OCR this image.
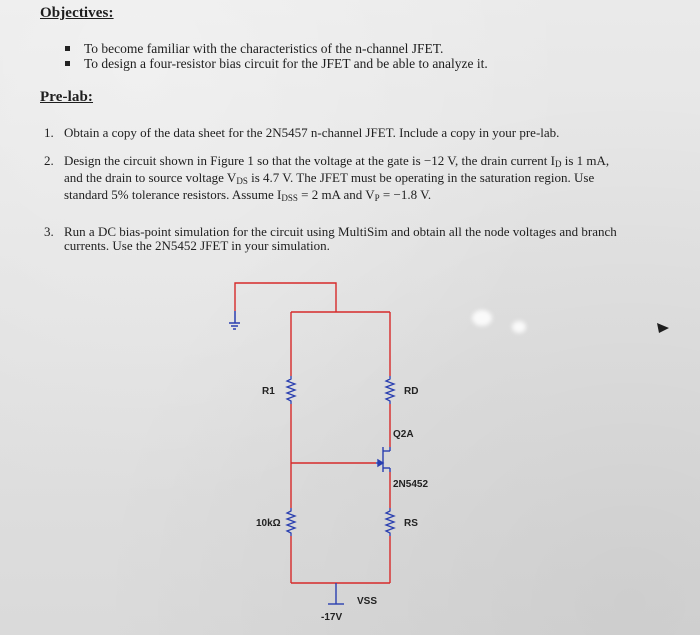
Objectives:
To become familiar with the characteristics of the n-channel JFET.
To design a four-resistor bias circuit for the JFET and be able to analyze it.
Pre-lab:
1. Obtain a copy of the data sheet for the 2N5457 n-channel JFET. Include a copy in your pre-lab.
2. Design the circuit shown in Figure 1 so that the voltage at the gate is −12 V, the drain current $I_D$ is 1 mA,
and the drain to source voltage $V_{DS}$ is 4.7 V. The JFET must be operating in the saturation region. Use
standard 5% tolerance resistors. Assume $I_{DSS} = 2$ mA and $V_P = -1.8$ V.
3. Run a DC bias-point simulation for the circuit using MultiSim and obtain all the node voltages and branch
currents. Use the 2N5452 JFET in your simulation.
R1	RD
Q2A
2N5452
10kΩ	RS
VSS
-17V
